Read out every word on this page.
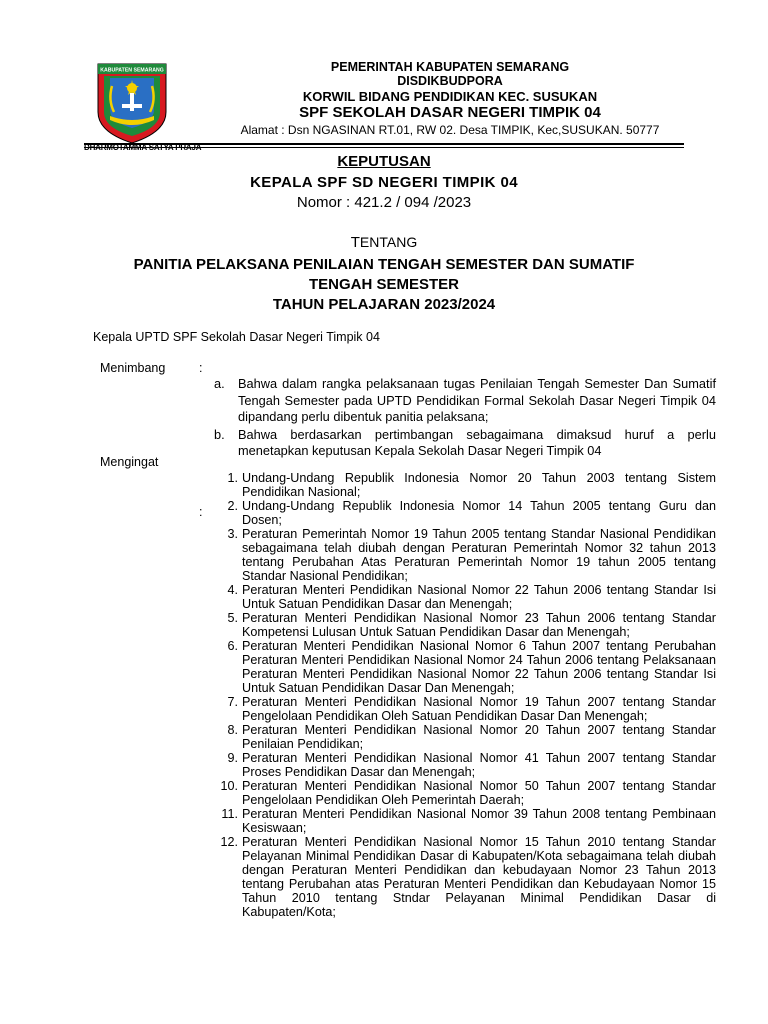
KABUPATEN SEMARANG
DHARMOTAMMA SATYA PRAJA
PEMERINTAH KABUPATEN SEMARANG
DISDIKBUDPORA
KORWIL BIDANG PENDIDIKAN KEC. SUSUKAN
SPF SEKOLAH DASAR NEGERI TIMPIK 04
Alamat : Dsn NGASINAN RT.01, RW 02. Desa TIMPIK, Kec,SUSUKAN. 50777
KEPUTUSAN
KEPALA SPF SD NEGERI TIMPIK 04
Nomor : 421.2 / 094 /2023
TENTANG
PANITIA PELAKSANA PENILAIAN TENGAH SEMESTER DAN SUMATIF
TENGAH SEMESTER
TAHUN PELAJARAN 2023/2024
Kepala UPTD SPF Sekolah Dasar Negeri Timpik 04
Menimbang	:
a.	Bahwa dalam rangka pelaksanaan tugas Penilaian Tengah Semester Dan Sumatif Tengah Semester pada UPTD Pendidikan Formal Sekolah Dasar Negeri Timpik 04 dipandang perlu dibentuk panitia pelaksana;
b.	Bahwa berdasarkan pertimbangan sebagaimana dimaksud huruf a perlu menetapkan keputusan Kepala Sekolah Dasar Negeri Timpik 04
Mengingat
:
1. Undang-Undang Republik Indonesia Nomor 20 Tahun 2003 tentang Sistem Pendidikan Nasional;
2. Undang-Undang Republik Indonesia Nomor 14 Tahun 2005 tentang Guru dan Dosen;
3. Peraturan Pemerintah Nomor 19 Tahun 2005 tentang Standar Nasional Pendidikan sebagaimana telah diubah dengan Peraturan Pemerintah Nomor 32 tahun 2013 tentang Perubahan Atas Peraturan Pemerintah Nomor 19 tahun 2005 tentang Standar Nasional Pendidikan;
4. Peraturan Menteri Pendidikan Nasional Nomor 22 Tahun 2006 tentang Standar Isi Untuk Satuan Pendidikan Dasar dan Menengah;
5. Peraturan Menteri Pendidikan Nasional Nomor 23 Tahun 2006 tentang Standar Kompetensi Lulusan Untuk Satuan Pendidikan Dasar dan Menengah;
6. Peraturan Menteri Pendidikan Nasional Nomor 6 Tahun 2007 tentang Perubahan Peraturan Menteri Pendidikan Nasional Nomor 24 Tahun 2006 tentang Pelaksanaan Peraturan Menteri Pendidikan Nasional Nomor 22 Tahun 2006 tentang Standar Isi Untuk Satuan Pendidikan Dasar Dan Menengah;
7. Peraturan Menteri Pendidikan Nasional Nomor 19 Tahun 2007 tentang Standar Pengelolaan Pendidikan Oleh Satuan Pendidikan Dasar Dan Menengah;
8. Peraturan Menteri Pendidikan Nasional Nomor 20 Tahun 2007 tentang Standar Penilaian Pendidikan;
9. Peraturan Menteri Pendidikan Nasional Nomor 41 Tahun 2007 tentang Standar Proses Pendidikan Dasar dan Menengah;
10. Peraturan Menteri Pendidikan Nasional Nomor 50 Tahun 2007 tentang Standar Pengelolaan Pendidikan Oleh Pemerintah Daerah;
11. Peraturan Menteri Pendidikan Nasional Nomor 39 Tahun 2008 tentang Pembinaan Kesiswaan;
12. Peraturan Menteri Pendidikan Nasional Nomor 15 Tahun 2010 tentang Standar Pelayanan Minimal Pendidikan Dasar di Kabupaten/Kota sebagaimana telah diubah dengan Peraturan Menteri Pendidikan dan kebudayaan Nomor 23 Tahun 2013 tentang Perubahan atas Peraturan Menteri Pendidikan dan Kebudayaan Nomor 15 Tahun 2010 tentang Stndar Pelayanan Minimal Pendidikan Dasar di Kabupaten/Kota;
